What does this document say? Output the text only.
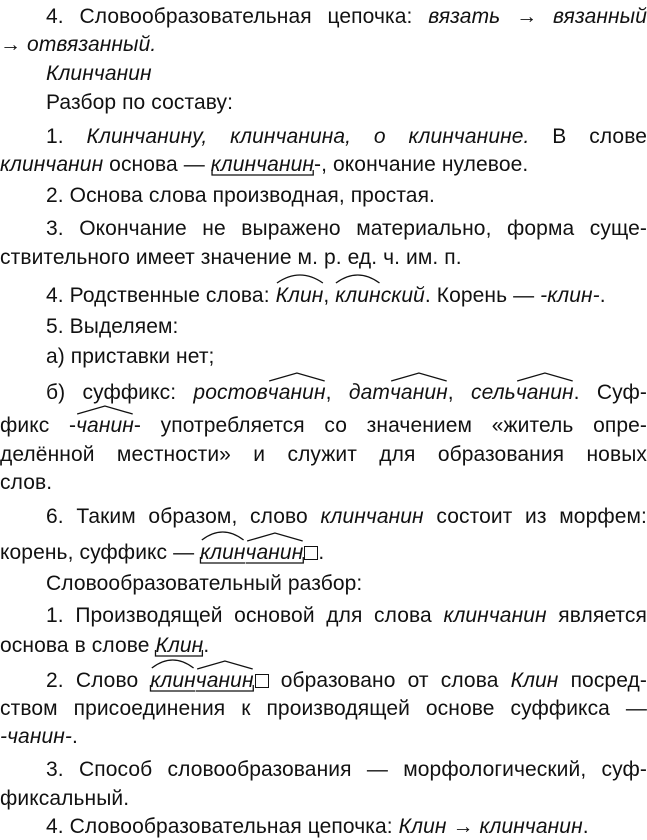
4. Словообразовательная цепочка: вязать → вязанный
→ отвязанный.
Клинчанин
Разбор по составу:
1. Клинчанину, клинчанина, о клинчанине. В слове
клинчанин основа — клинчанин
-, окончание нулевое.
2. Основа слова производная, простая.
3. Окончание не выражено материально, форма суще-
ствительного имеет значение м. р. ед. ч. им. п.
4. Родственные слова: Клин
, клин
ский. Корень — -клин-.
5. Выделяем:
а) приставки нет;
б) суффикс: ростовчанин
, датчанин
, сельчанин
. Суф-
фикс -чанин
- употребляется со значением «житель опре-
делённой местности» и служит для образования новых
слов.
6. Таким образом, слово клинчанин состоит из морфем:
корень, суффикс — клин
чанин .
Словообразовательный разбор:
1. Производящей основой для слова клинчанин является
основа в слове Клин
.
2. Слово клин
чанин
образовано от слова Клин посред-
ством присоединения к производящей основе суффикса —
-чанин-.
3. Способ словообразования — морфологический, суф-
фиксальный.
4. Словообразовательная цепочка: Клин → клинчанин.
